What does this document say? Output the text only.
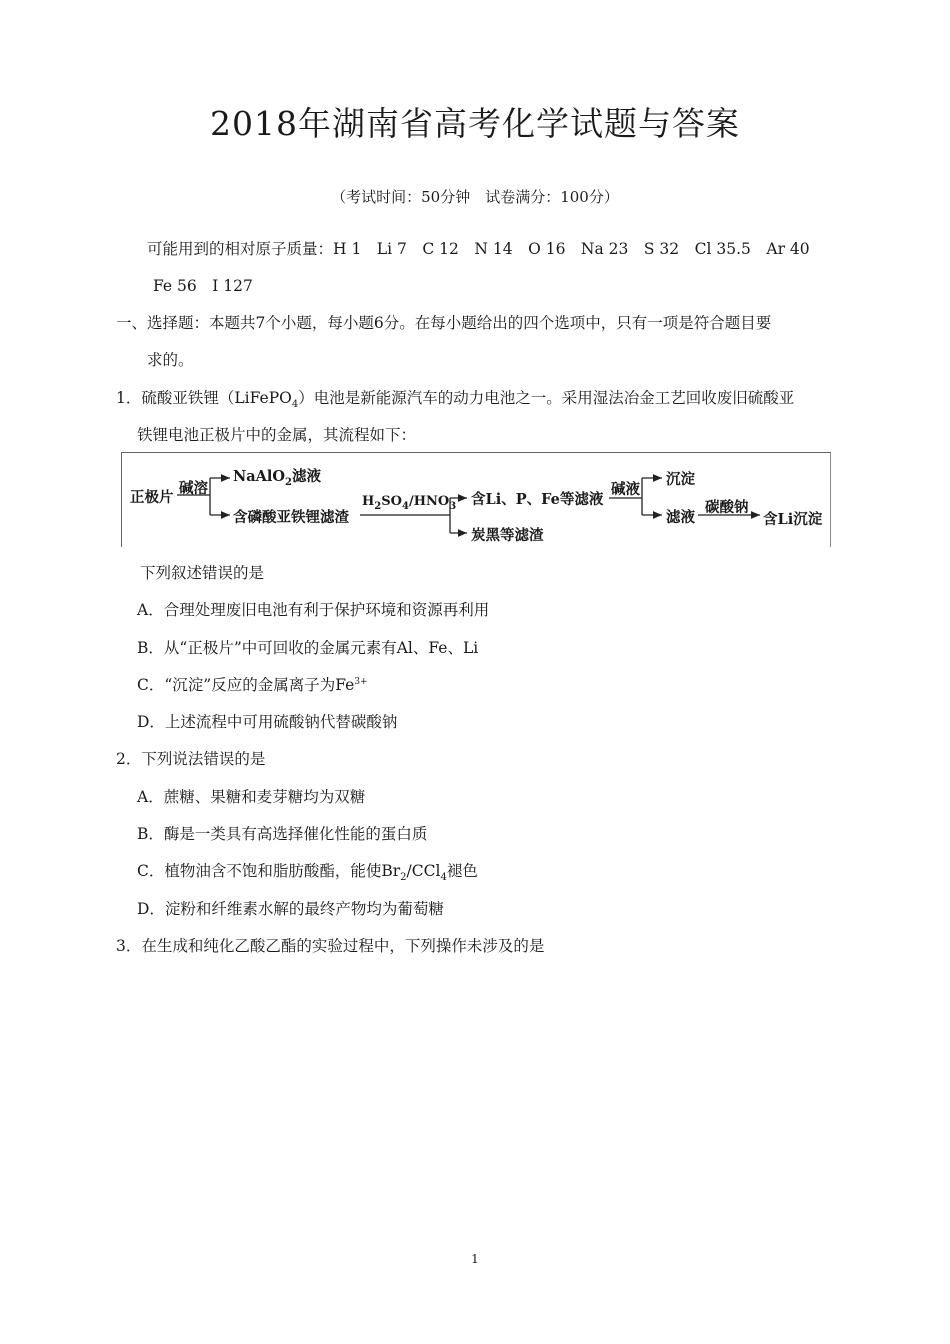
2018年湖南省高考化学试题与答案
（考试时间：50分钟　试卷满分：100分）
可能用到的相对原子质量：H 1　Li 7　C 12　N 14　O 16　Na 23　S 32　Cl 35.5　Ar 40
Fe 56　I 127
一、选择题：本题共7个小题，每小题6分。在每小题给出的四个选项中，只有一项是符合题目要
求的。
1．硫酸亚铁锂（LiFePO$_4$）电池是新能源汽车的动力电池之一。采用湿法冶金工艺回收废旧硫酸亚
铁锂电池正极片中的金属，其流程如下：
正极片
碱溶
NaAlO$_2$滤液
含磷酸亚铁锂滤渣
$H_2SO_4/HNO_3$ 含Li、P、Fe等滤液
炭黑等滤渣
碱液
沉淀
滤液
碳酸钠
含Li沉淀
下列叙述错误的是
A．合理处理废旧电池有利于保护环境和资源再利用
B．从“正极片”中可回收的金属元素有Al、Fe、Li
C．“沉淀”反应的金属离子为$Fe^{3+}$
D．上述流程中可用硫酸钠代替碳酸钠
2．下列说法错误的是
A．蔗糖、果糖和麦芽糖均为双糖
B．酶是一类具有高选择催化性能的蛋白质
C．植物油含不饱和脂肪酸酯，能使$Br_2/CCl_4$褪色
D．淀粉和纤维素水解的最终产物均为葡萄糖
3．在生成和纯化乙酸乙酯的实验过程中，下列操作未涉及的是
1
